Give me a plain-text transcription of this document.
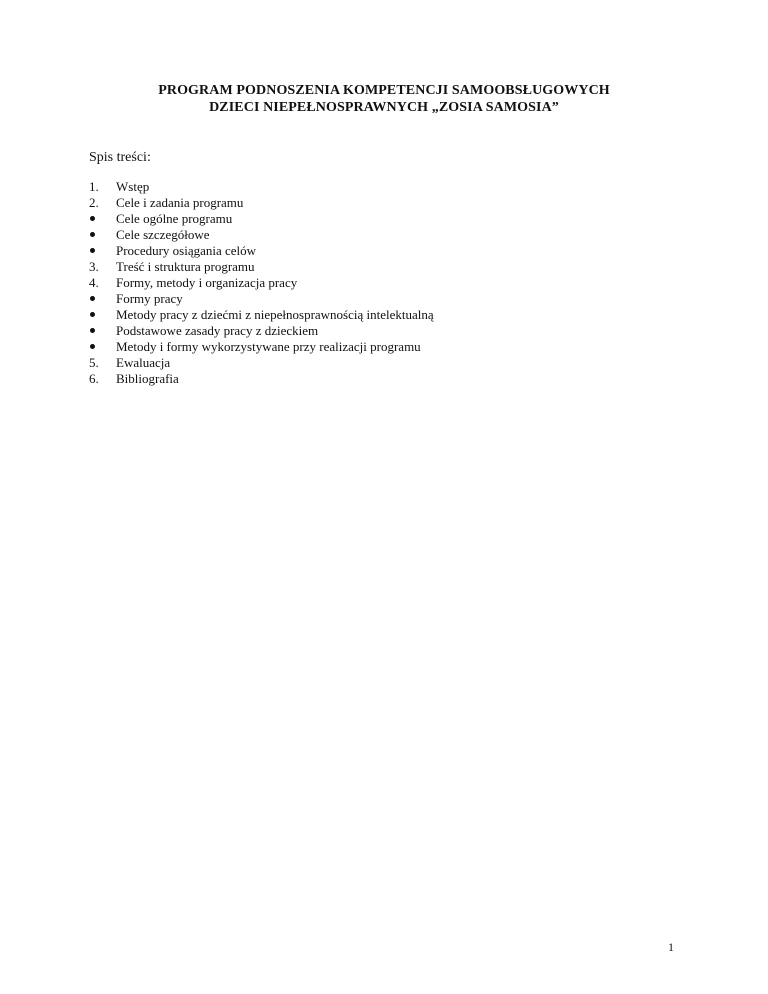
PROGRAM PODNOSZENIA KOMPETENCJI SAMOOBSŁUGOWYCH
DZIECI NIEPEŁNOSPRAWNYCH „ZOSIA SAMOSIA”
Spis treści:
1.	Wstęp
2.	Cele i zadania programu
Cele ogólne programu
Cele szczegółowe
Procedury osiągania celów
3.	Treść i struktura programu
4.	Formy, metody i organizacja pracy
Formy pracy
Metody pracy z dziećmi z niepełnosprawnością intelektualną
Podstawowe zasady pracy z dzieckiem
Metody i formy wykorzystywane przy realizacji programu
5.	Ewaluacja
6.	Bibliografia
1
